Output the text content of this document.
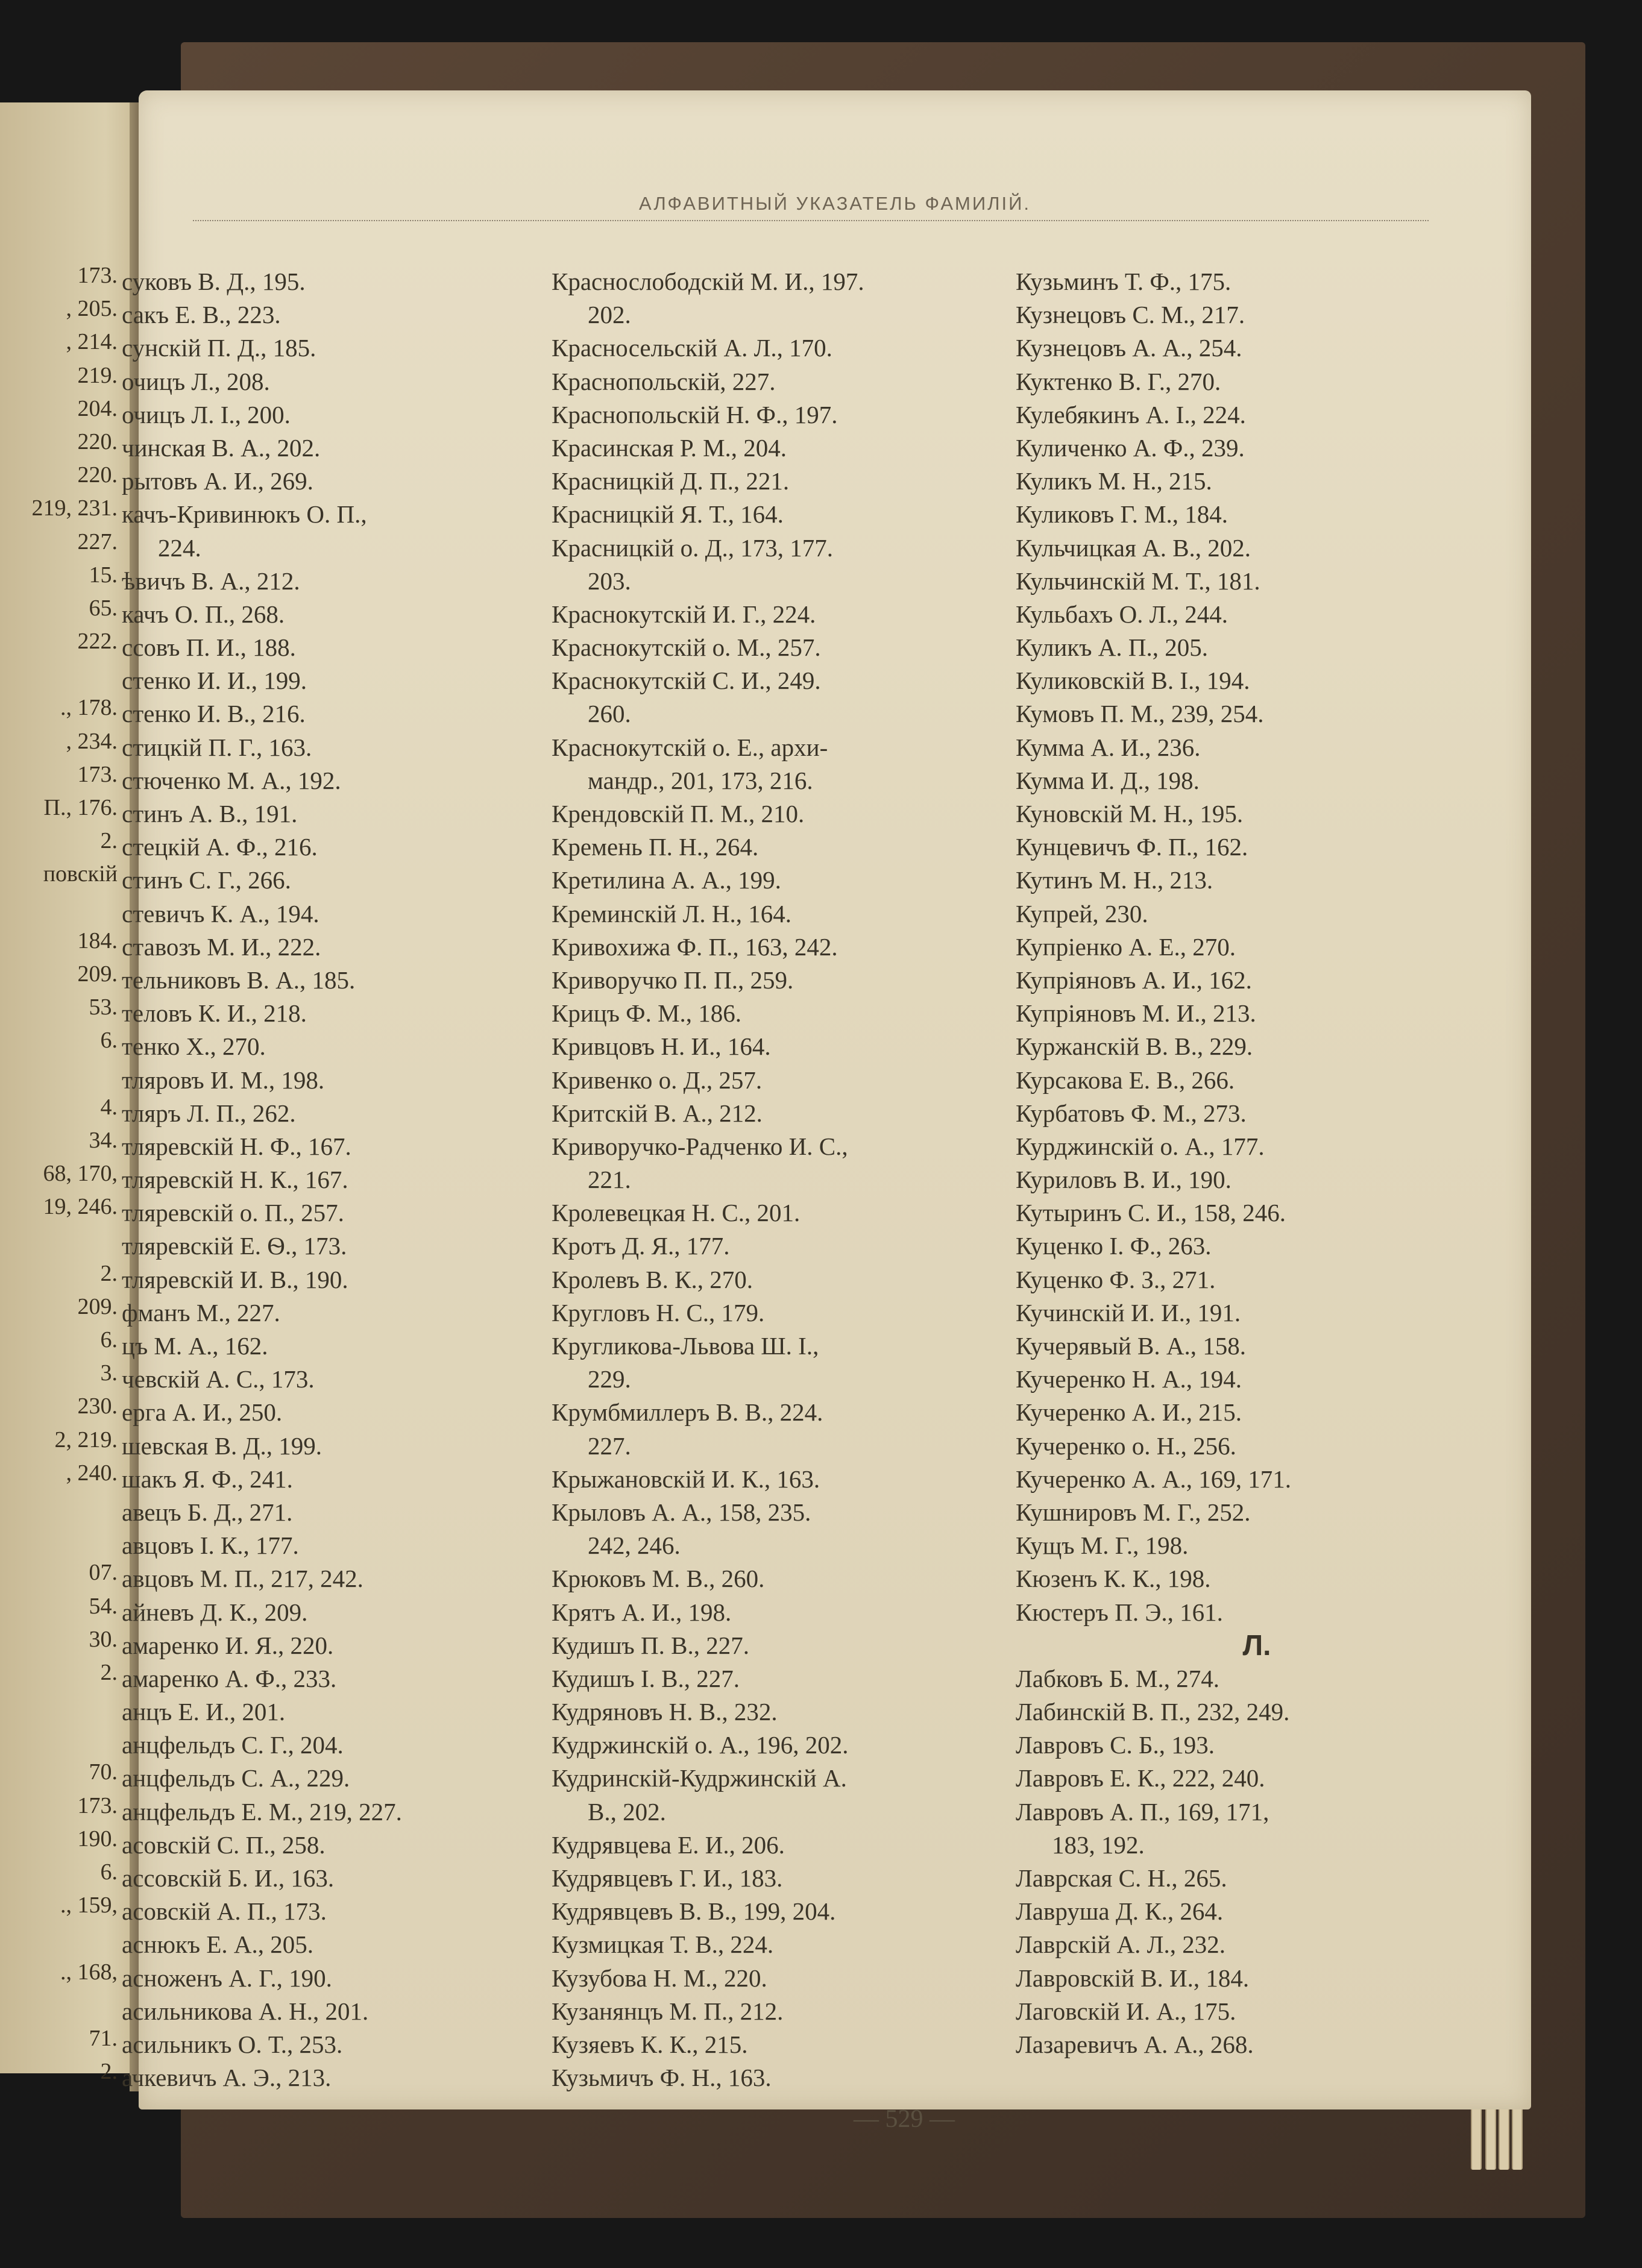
173.
, 205.
, 214.
219.
204.
220.
220.
219, 231.
227.
15.
65.
222.
., 178.
, 234.
173.
П., 176.
2.
повскій
184.
209.
53.
6.
4.
34.
68, 170,
19, 246.
2.
209.
6.
3.
230.
2, 219.
, 240.
07.
54.
30.
2.
70.
173.
190.
6.
., 159,
., 168,
71.
2.
АЛФАВИТНЫЙ УКАЗАТЕЛЬ ФАМИЛІЙ.
суковъ В. Д., 195.
сакъ Е. В., 223.
сунскій П. Д., 185.
очицъ Л., 208.
очицъ Л. І., 200.
чинская В. А., 202.
рытовъ А. И., 269.
качъ-Кривинюкъ О. П.,
224.
ѣвичъ В. А., 212.
качъ О. П., 268.
ссовъ П. И., 188.
стенко И. И., 199.
стенко И. В., 216.
стицкій П. Г., 163.
стюченко М. А., 192.
стинъ А. В., 191.
стецкій А. Ф., 216.
стинъ С. Г., 266.
стевичъ К. А., 194.
ставозъ М. И., 222.
тельниковъ В. А., 185.
теловъ К. И., 218.
тенко Х., 270.
тляровъ И. М., 198.
тляръ Л. П., 262.
тляревскій Н. Ф., 167.
тляревскій Н. К., 167.
тляревскій о. П., 257.
тляревскій Е. Ѳ., 173.
тляревскій И. В., 190.
фманъ М., 227.
цъ М. А., 162.
чевскій А. С., 173.
ерга А. И., 250.
шевская В. Д., 199.
шакъ Я. Ф., 241.
авецъ Б. Д., 271.
авцовъ І. К., 177.
авцовъ М. П., 217, 242.
айневъ Д. К., 209.
амаренко И. Я., 220.
амаренко А. Ф., 233.
анцъ Е. И., 201.
анцфельдъ С. Г., 204.
анцфельдъ С. А., 229.
анцфельдъ Е. М., 219, 227.
асовскій С. П., 258.
ассовскій Б. И., 163.
асовскій А. П., 173.
аснюкъ Е. А., 205.
асноженъ А. Г., 190.
асильникова А. Н., 201.
асильникъ О. Т., 253.
ачкевичъ А. Э., 213.
Краснослободскій М. И., 197.
202.
Красносельскій А. Л., 170.
Краснопольскій, 227.
Краснопольскій Н. Ф., 197.
Красинская Р. М., 204.
Красницкій Д. П., 221.
Красницкій Я. Т., 164.
Красницкій о. Д., 173, 177.
203.
Краснокутскій И. Г., 224.
Краснокутскій о. М., 257.
Краснокутскій С. И., 249.
260.
Краснокутскій о. Е., архи-
мандр., 201, 173, 216.
Крендовскій П. М., 210.
Кремень П. Н., 264.
Кретилина А. А., 199.
Креминскій Л. Н., 164.
Кривохижа Ф. П., 163, 242.
Криворучко П. П., 259.
Крицъ Ф. М., 186.
Кривцовъ Н. И., 164.
Кривенко о. Д., 257.
Критскій В. А., 212.
Криворучко-Радченко И. С.,
221.
Кролевецкая Н. С., 201.
Кротъ Д. Я., 177.
Кролевъ В. К., 270.
Кругловъ Н. С., 179.
Кругликова-Львова Ш. І.,
229.
Крумбмиллеръ В. В., 224.
227.
Крыжановскій И. К., 163.
Крыловъ А. А., 158, 235.
242, 246.
Крюковъ М. В., 260.
Крятъ А. И., 198.
Кудишъ П. В., 227.
Кудишъ І. В., 227.
Кудряновъ Н. В., 232.
Кудржинскій о. А., 196, 202.
Кудринскій-Кудржинскій А.
В., 202.
Кудрявцева Е. И., 206.
Кудрявцевъ Г. И., 183.
Кудрявцевъ В. В., 199, 204.
Кузмицкая Т. В., 224.
Кузубова Н. М., 220.
Кузанянцъ М. П., 212.
Кузяевъ К. К., 215.
Кузьмичъ Ф. Н., 163.
Кузьминъ Т. Ф., 175.
Кузнецовъ С. М., 217.
Кузнецовъ А. А., 254.
Куктенко В. Г., 270.
Кулебякинъ А. І., 224.
Куличенко А. Ф., 239.
Куликъ М. Н., 215.
Куликовъ Г. М., 184.
Кульчицкая А. В., 202.
Кульчинскій М. Т., 181.
Кульбахъ О. Л., 244.
Куликъ А. П., 205.
Куликовскій В. І., 194.
Кумовъ П. М., 239, 254.
Кумма А. И., 236.
Кумма И. Д., 198.
Куновскій М. Н., 195.
Кунцевичъ Ф. П., 162.
Кутинъ М. Н., 213.
Купрей, 230.
Купріенко А. Е., 270.
Купріяновъ А. И., 162.
Купріяновъ М. И., 213.
Куржанскій В. В., 229.
Курсакова Е. В., 266.
Курбатовъ Ф. М., 273.
Курджинскій о. А., 177.
Куриловъ В. И., 190.
Кутыринъ С. И., 158, 246.
Куценко І. Ф., 263.
Куценко Ф. З., 271.
Кучинскій И. И., 191.
Кучерявый В. А., 158.
Кучеренко Н. А., 194.
Кучеренко А. И., 215.
Кучеренко о. Н., 256.
Кучеренко А. А., 169, 171.
Кушнировъ М. Г., 252.
Кущъ М. Г., 198.
Кюзенъ К. К., 198.
Кюстеръ П. Э., 161.
Л.
Лабковъ Б. М., 274.
Лабинскій В. П., 232, 249.
Лавровъ С. Б., 193.
Лавровъ Е. К., 222, 240.
Лавровъ А. П., 169, 171,
183, 192.
Лаврская С. Н., 265.
Лавруша Д. К., 264.
Лаврскій А. Л., 232.
Лавровскій В. И., 184.
Лаговскій И. А., 175.
Лазаревичъ А. А., 268.
— 529 —
